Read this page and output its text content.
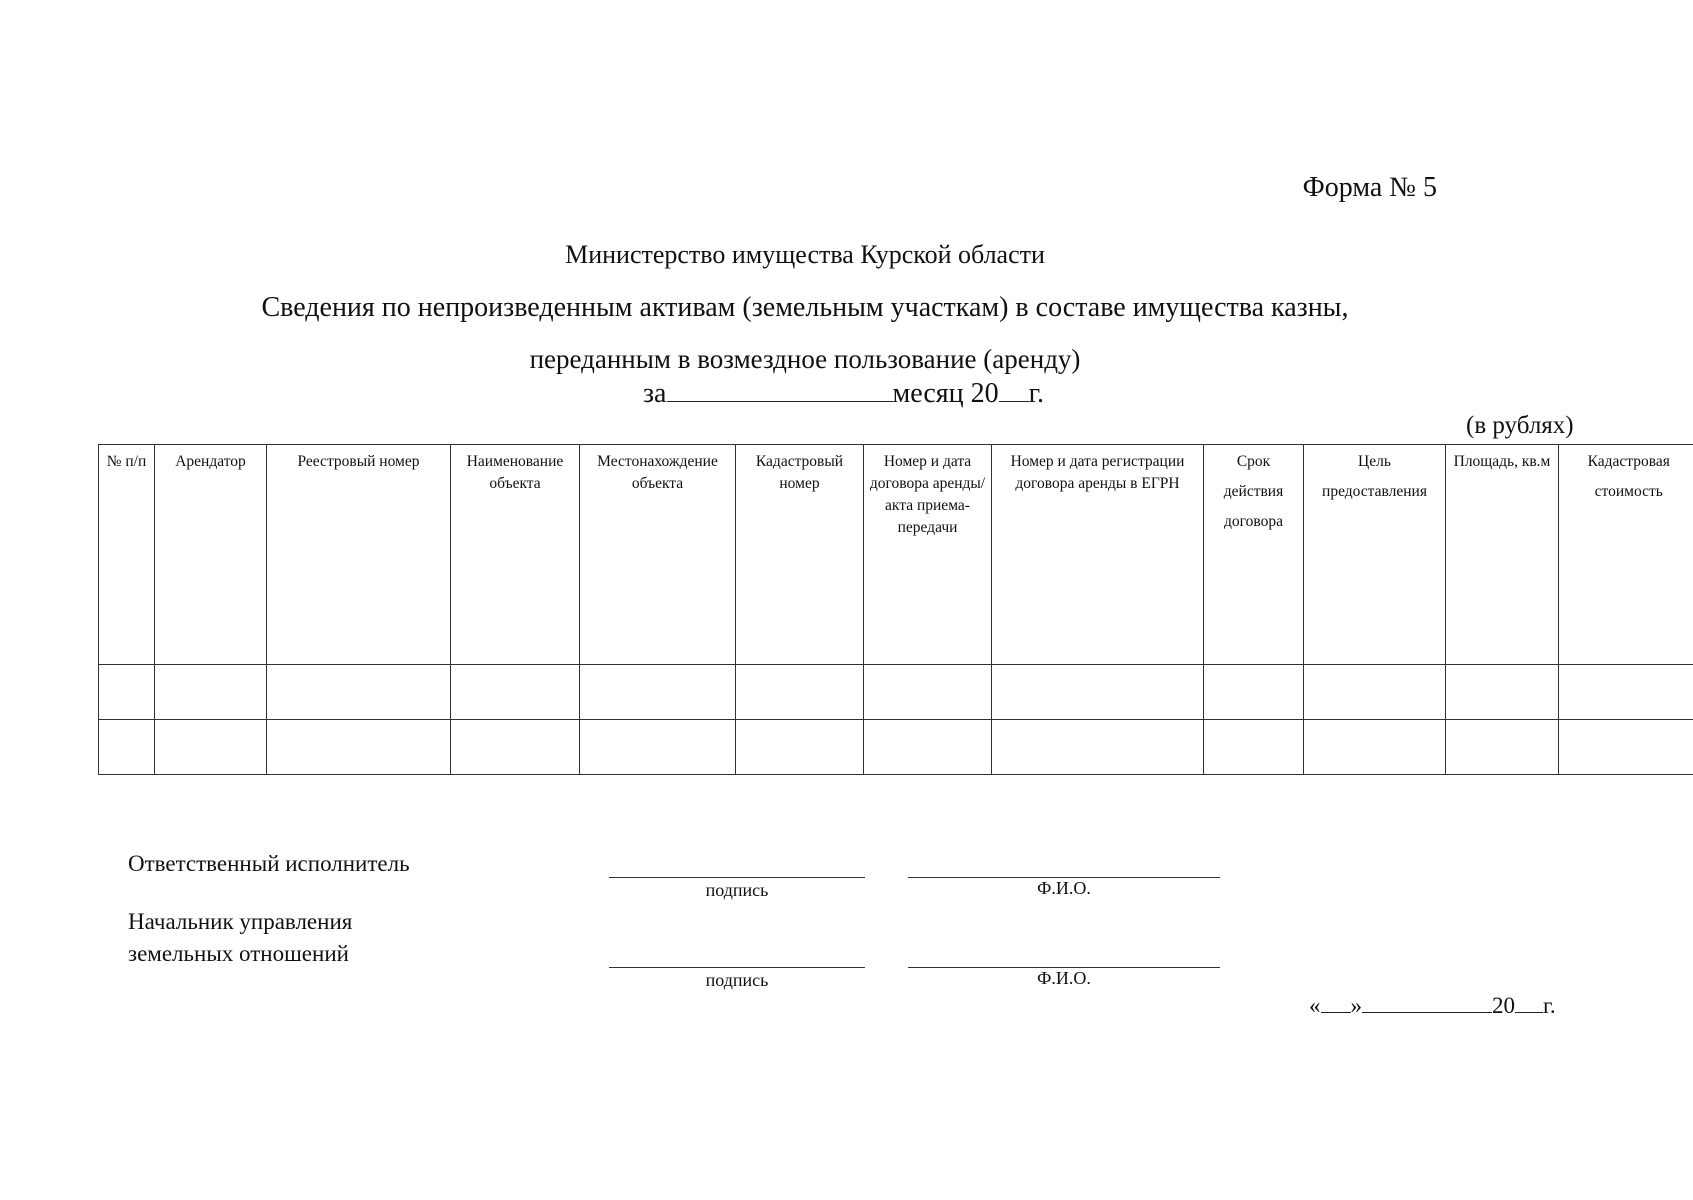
Форма № 5
Министерство имущества Курской области
Сведения по непроизведенным активам (земельным участкам) в составе имущества казны,
переданным в возмездное пользование (аренду)
за	месяц 20 г.
(в рублях)
№ п/п	Арендатор	Реестровый номер	Наименование объекта	Местонахождение объекта	Кадастровый номер	Номер и дата договора аренды/акта приема-передачи	Номер и дата регистрации договора аренды в ЕГРН	Срок действия договора	Цель предоставления	Площадь, кв.м	Кадастровая стоимость

Ответственный исполнитель
подпись	Ф.И.О.
Начальник управления
земельных отношений
подпись	Ф.И.О.
« »	20 г.
